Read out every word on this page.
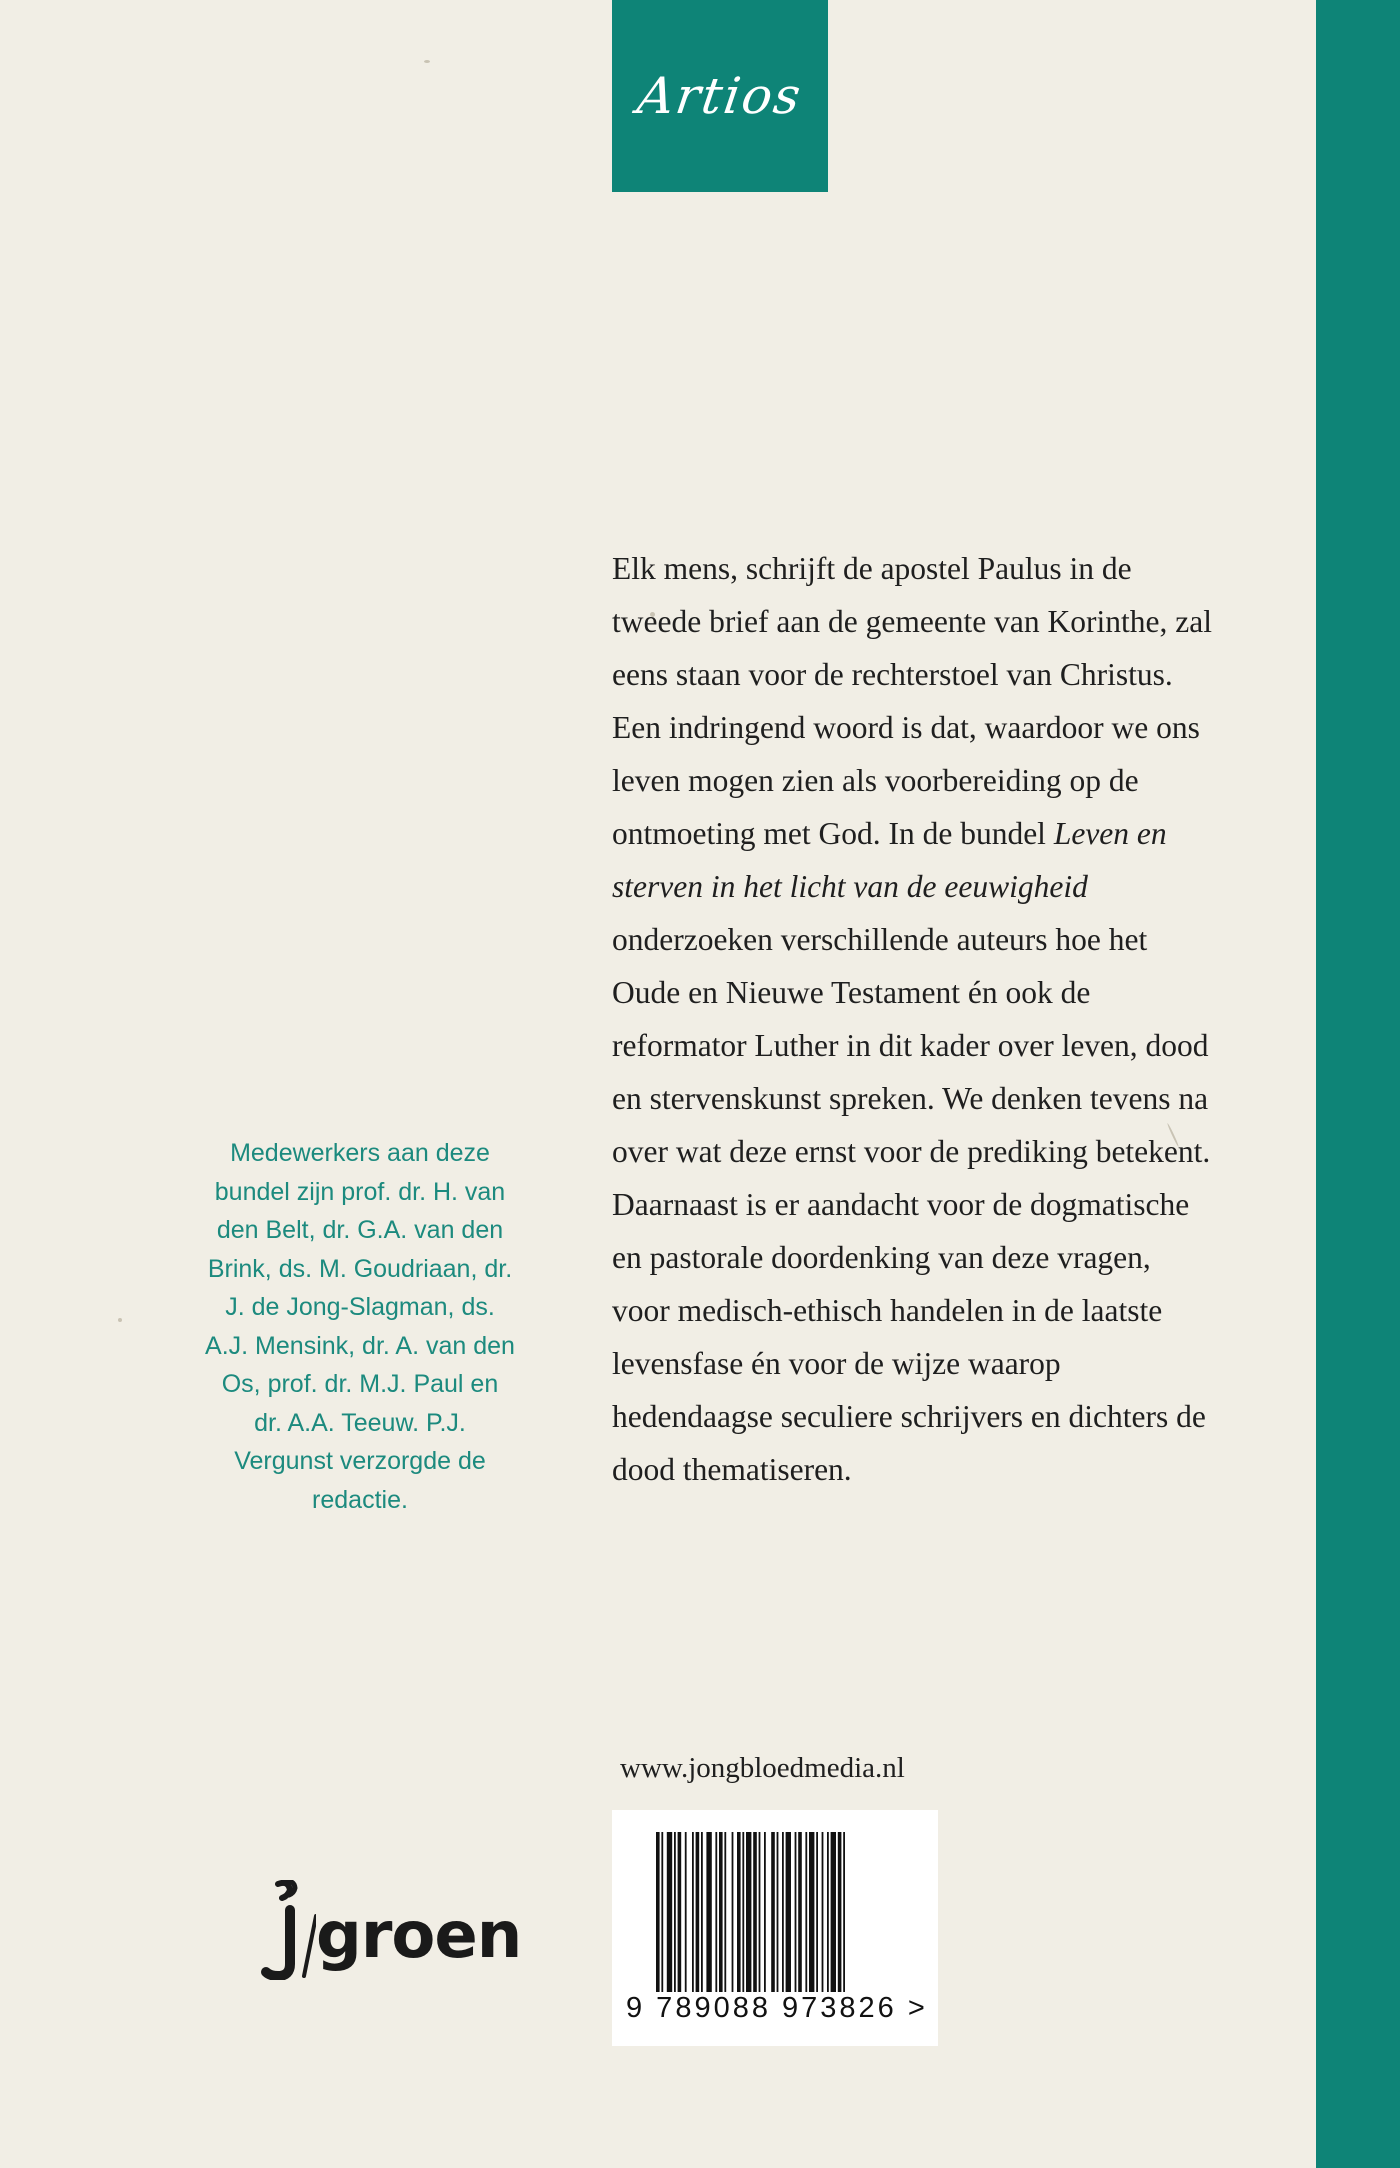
Artios

Elk mens, schrijft de apostel Paulus in de tweede brief aan de gemeente van Korinthe, zal eens staan voor de rechterstoel van Christus. Een indringend woord is dat, waardoor we ons leven mogen zien als voorbereiding op de ontmoeting met God. In de bundel Leven en sterven in het licht van de eeuwigheid onderzoeken verschillende auteurs hoe het Oude en Nieuwe Testament én ook de reformator Luther in dit kader over leven, dood en stervenskunst spreken. We denken tevens na over wat deze ernst voor de prediking betekent. Daarnaast is er aandacht voor de dogmatische en pastorale doordenking van deze vragen, voor medisch-ethisch handelen in de laatste levensfase én voor de wijze waarop hedendaagse seculiere schrijvers en dichters de dood thematiseren.

Medewerkers aan deze bundel zijn prof. dr. H. van den Belt, dr. G.A. van den Brink, ds. M. Goudriaan, dr. J. de Jong-Slagman, ds. A.J. Mensink, dr. A. van den Os, prof. dr. M.J. Paul en dr. A.A. Teeuw. P.J. Vergunst verzorgde de redactie.
www.jongbloedmedia.nl
9 789088 973826 >
groen
